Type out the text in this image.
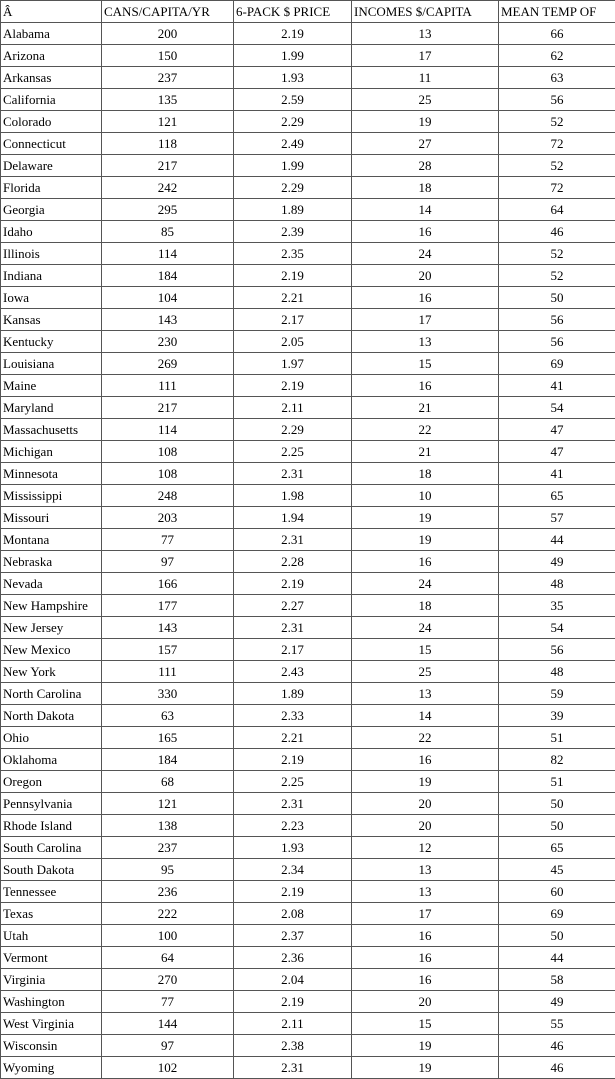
Â	CANS/CAPITA/YR	6-PACK $ PRICE	INCOMES $/CAPITA	MEAN TEMP OF
Alabama	200	2.19	13	66
Arizona	150	1.99	17	62
Arkansas	237	1.93	11	63
California	135	2.59	25	56
Colorado	121	2.29	19	52
Connecticut	118	2.49	27	72
Delaware	217	1.99	28	52
Florida	242	2.29	18	72
Georgia	295	1.89	14	64
Idaho	85	2.39	16	46
Illinois	114	2.35	24	52
Indiana	184	2.19	20	52
Iowa	104	2.21	16	50
Kansas	143	2.17	17	56
Kentucky	230	2.05	13	56
Louisiana	269	1.97	15	69
Maine	111	2.19	16	41
Maryland	217	2.11	21	54
Massachusetts	114	2.29	22	47
Michigan	108	2.25	21	47
Minnesota	108	2.31	18	41
Mississippi	248	1.98	10	65
Missouri	203	1.94	19	57
Montana	77	2.31	19	44
Nebraska	97	2.28	16	49
Nevada	166	2.19	24	48
New Hampshire	177	2.27	18	35
New Jersey	143	2.31	24	54
New Mexico	157	2.17	15	56
New York	111	2.43	25	48
North Carolina	330	1.89	13	59
North Dakota	63	2.33	14	39
Ohio	165	2.21	22	51
Oklahoma	184	2.19	16	82
Oregon	68	2.25	19	51
Pennsylvania	121	2.31	20	50
Rhode Island	138	2.23	20	50
South Carolina	237	1.93	12	65
South Dakota	95	2.34	13	45
Tennessee	236	2.19	13	60
Texas	222	2.08	17	69
Utah	100	2.37	16	50
Vermont	64	2.36	16	44
Virginia	270	2.04	16	58
Washington	77	2.19	20	49
West Virginia	144	2.11	15	55
Wisconsin	97	2.38	19	46
Wyoming	102	2.31	19	46
